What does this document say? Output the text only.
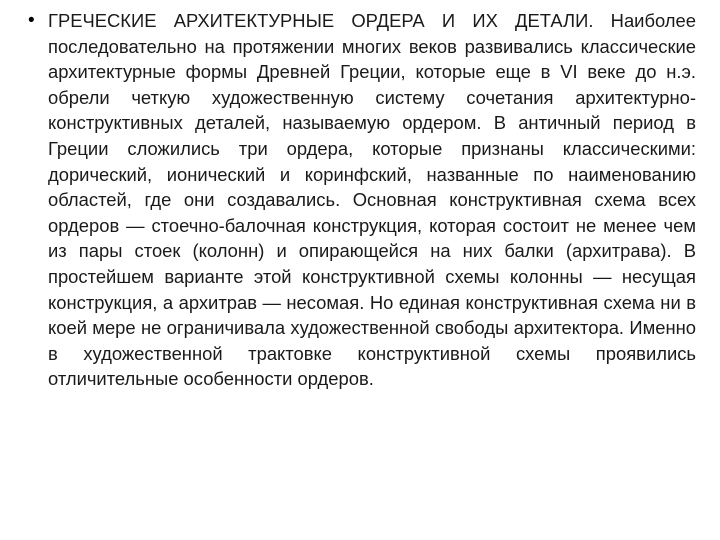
• ГРЕЧЕСКИЕ АРХИТЕКТУРНЫЕ ОРДЕРА И ИХ ДЕТАЛИ. Наиболее последовательно на протяжении многих веков развивались классические архитектурные формы Древней Греции, которые еще в VI веке до н.э. обрели четкую художественную систему сочетания архитектурно- конструктивных деталей, называемую ордером. В античный период в Греции сложились три ордера, которые признаны классическими: дорический, ионический и коринфский, названные по наименованию областей, где они создавались. Основная конструктивная схема всех ордеров — стоечно-балочная конструкция, которая состоит не менее чем из пары стоек (колонн) и опирающейся на них балки (архитрава). В простейшем варианте этой конструктивной схемы колонны — несущая конструкция, а архитрав — несомая. Но единая конструктивная схема ни в коей мере не ограничивала художественной свободы архитектора. Именно в художественной трактовке конструктивной схемы проявились отличительные особенности ордеров.
